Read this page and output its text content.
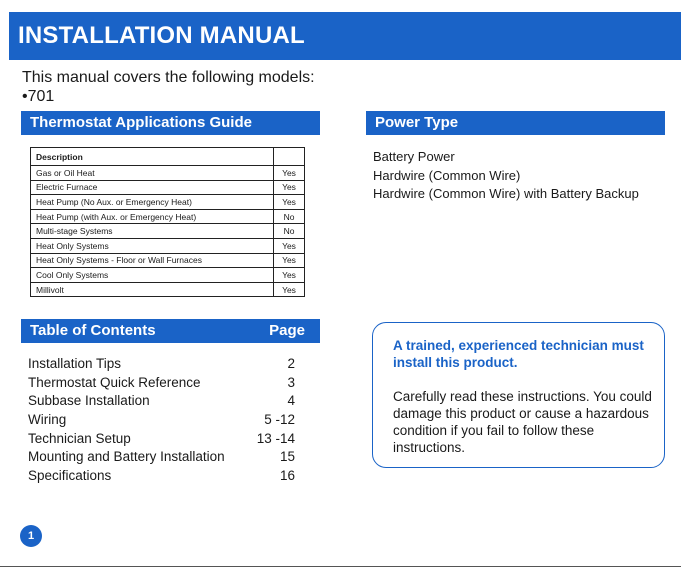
INSTALLATION MANUAL
This manual covers the following models:
•701
Thermostat Applications Guide
Description	
Gas or Oil Heat	Yes
Electric Furnace	Yes
Heat Pump (No Aux. or Emergency Heat)	Yes
Heat Pump (with Aux. or Emergency Heat)	No
Multi-stage Systems	No
Heat Only Systems	Yes
Heat Only Systems - Floor or Wall Furnaces	Yes
Cool Only Systems	Yes
Millivolt	Yes
Power Type
Battery Power
Hardwire (Common Wire)
Hardwire (Common Wire) with Battery Backup
Table of Contents	Page
Installation Tips	2
Thermostat Quick Reference	3
Subbase Installation	4
Wiring	5 -12
Technician Setup	13 -14
Mounting and Battery Installation	15
Specifications	16

A trained, experienced technician must install this product.

Carefully read these instructions. You could damage this product or cause a hazardous condition if you fail to follow these instructions.

1
